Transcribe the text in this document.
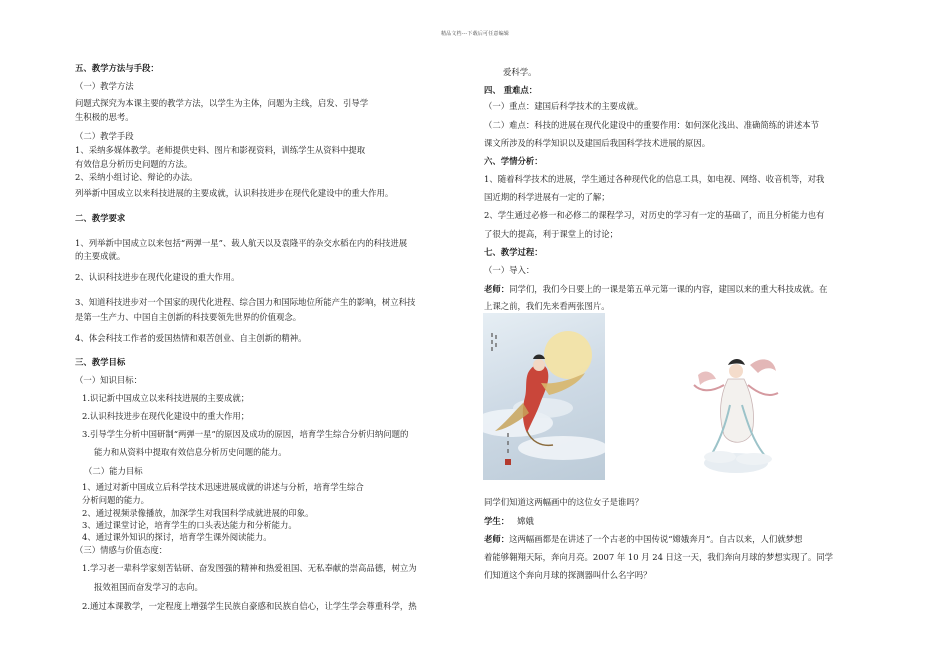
精品文档---下载后可任意编辑
五、教学方法与手段：
（一）教学方法
问题式探究为本课主要的教学方法，以学生为主体，问题为主线，启发、引导学
生积极的思考。
（二）教学手段
1、采纳多媒体教学。老师提供史料、图片和影视资料，训练学生从资料中提取
有效信息分析历史问题的方法。
2、采纳小组讨论、辩论的办法。
列举新中国成立以来科技进展的主要成就，认识科技进步在现代化建设中的重大作用。
二、教学要求
1、列举新中国成立以来包括“两弹一星”、载人航天以及袁隆平的杂交水稻在内的科技进展
的主要成就。
2、认识科技进步在现代化建设的重大作用。
3、知道科技进步对一个国家的现代化进程、综合国力和国际地位所能产生的影响，树立科技
是第一生产力、中国自主创新的科技要领先世界的价值观念。
4、体会科技工作者的爱国热情和艰苦创业、自主创新的精神。
三、教学目标
（一）知识目标：
1.识记新中国成立以来科技进展的主要成就；
2.认识科技进步在现代化建设中的重大作用；
3.引导学生分析中国研制“两弹一星”的原因及成功的原因，培育学生综合分析归纳问题的
能力和从资料中提取有效信息分析历史问题的能力。
（二）能力目标
1、通过对新中国成立后科学技术迅速进展成就的讲述与分析，培育学生综合
分析问题的能力。
2、通过视频录像播放，加深学生对我国科学成就进展的印象。
3、通过课堂讨论，培育学生的口头表达能力和分析能力。
4、通过课外知识的探讨，培育学生课外阅读能力。
（三）情感与价值态度：
1.学习老一辈科学家刻苦钻研、奋发图强的精神和热爱祖国、无私奉献的崇高品德，树立为
报效祖国而奋发学习的志向。
2.通过本课教学，一定程度上增强学生民族自豪感和民族自信心，让学生学会尊重科学，热
爱科学。
四、 重难点：
（一）重点：建国后科学技术的主要成就。
（二）难点：科技的进展在现代化建设中的重要作用：如何深化浅出、准确简练的讲述本节
课文所涉及的科学知识以及建国后我国科学技术进展的原因。
六、学情分析：
1、随着科学技术的进展，学生通过各种现代化的信息工具，如电视、网络、收音机等，对我
国近期的科学进展有一定的了解；
2、学生通过必修一和必修二的课程学习，对历史的学习有一定的基础了，而且分析能力也有
了很大的提高，利于课堂上的讨论；
七、教学过程：
（一）导入：
老师：同学们，我们今日要上的一课是第五单元第一课的内容，建国以来的重大科技成就。在
上课之前，我们先来看两张图片。
同学们知道这两幅画中的这位女子是谁吗？
学生： 嫦娥
老师：这两幅画都是在讲述了一个古老的中国传说“嫦娥奔月”。自古以来，人们就梦想
着能够翱翔天际，奔向月亮。2007 年 10 月 24 日这一天，我们奔向月球的梦想实现了。同学
们知道这个奔向月球的探测器叫什么名字吗？
